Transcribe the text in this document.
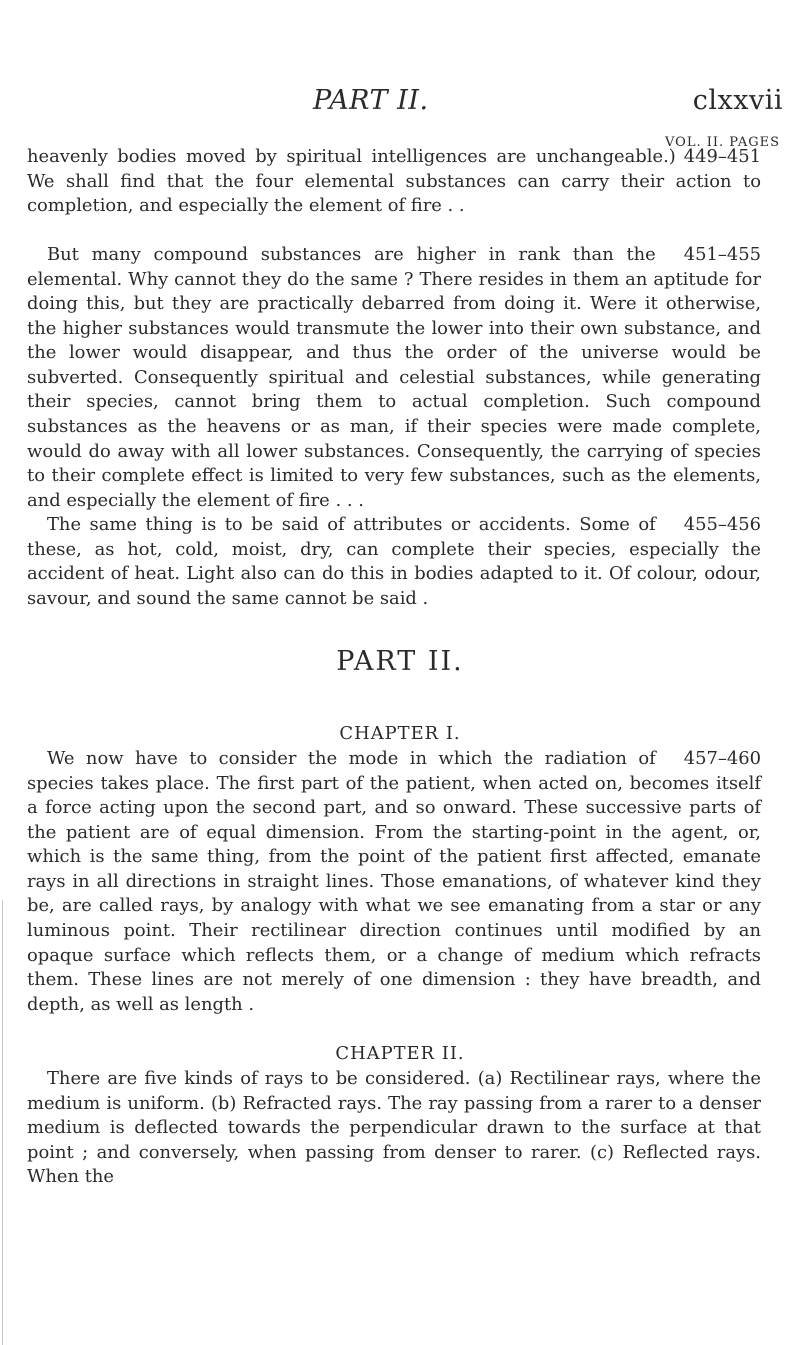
PART II.	clxxvii
VOL. II. PAGES

449–451
heavenly bodies moved by spiritual intelligences are unchangeable.) We shall find that the four elemental substances can carry their action to completion, and especially the element of fire . .

451–455
But many compound substances are higher in rank than the elemental. Why cannot they do the same ? There resides in them an aptitude for doing this, but they are practically debarred from doing it. Were it otherwise, the higher substances would transmute the lower into their own substance, and the lower would disappear, and thus the order of the universe would be subverted. Consequently spiritual and celestial substances, while generating their species, cannot bring them to actual completion. Such compound substances as the heavens or as man, if their species were made complete, would do away with all lower substances. Consequently, the carrying of species to their complete effect is limited to very few substances, such as the elements, and especially the element of fire . . .

455–456
The same thing is to be said of attributes or accidents. Some of these, as hot, cold, moist, dry, can complete their species, especially the accident of heat. Light also can do this in bodies adapted to it. Of colour, odour, savour, and sound the same cannot be said .

PART II.
CHAPTER I.

457–460
We now have to consider the mode in which the radiation of species takes place. The first part of the patient, when acted on, becomes itself a force acting upon the second part, and so onward. These successive parts of the patient are of equal dimension. From the starting-point in the agent, or, which is the same thing, from the point of the patient first affected, emanate rays in all directions in straight lines. Those emanations, of whatever kind they be, are called rays, by analogy with what we see emanating from a star or any luminous point. Their rectilinear direction continues until modified by an opaque surface which reflects them, or a change of medium which refracts them. These lines are not merely of one dimension : they have breadth, and depth, as well as length .

CHAPTER II.

There are five kinds of rays to be considered. (a) Rectilinear rays, where the medium is uniform. (b) Refracted rays. The ray passing from a rarer to a denser medium is deflected towards the perpendicular drawn to the surface at that point ; and conversely, when passing from denser to rarer. (c) Reflected rays. When the
